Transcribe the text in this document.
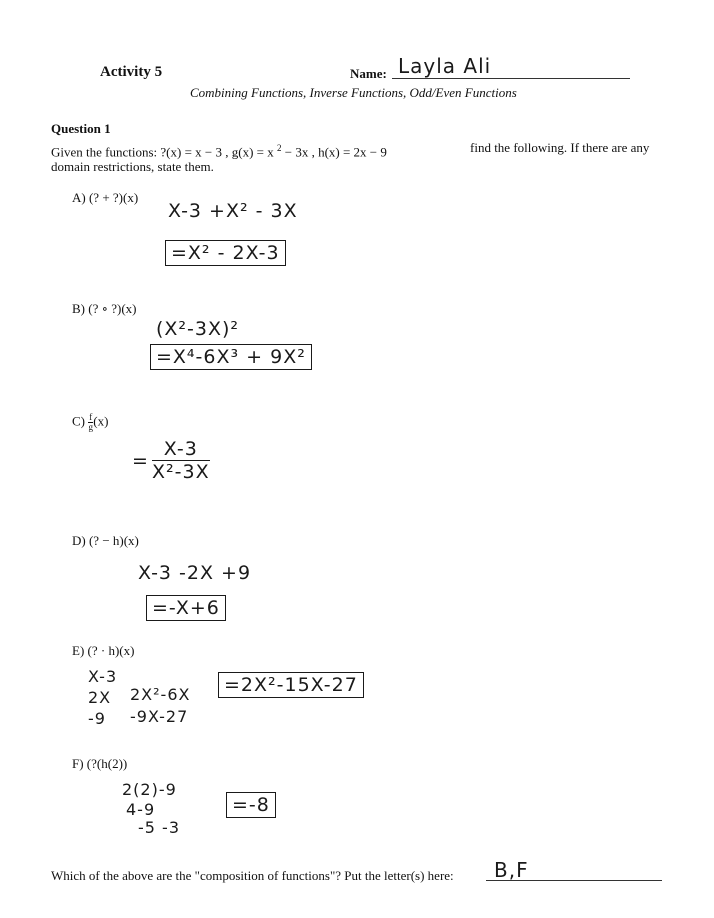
Activity 5	Name: Layla Ali
Combining Functions, Inverse Functions, Odd/Even Functions
Question 1
Given the functions: ?(x) = x − 3 , g(x) = x $^2$ − 3x , h(x) = 2x − 9	find the following. If there are any
domain restrictions, state them.
A) (? + ?)(x)
X-3 +X² - 3X
=X² - 2X-3
B) (? ∘ ?)(x)
(X²-3X)²
=X⁴-6X³ + 9X²
$C) \frac{f}{g} (x)$
= $\frac{X-3}{\text{X²-3X}}$
D) (? − h)(x)
X-3 -2X +9
=-X+6
E) (? · h)(x)
X-3
2X
-9
2X²-6X
-9X-27
=2X²-15X-27
F) (?(h(2))
2(2)-9
4-9
-5 -3
=-8
Which of the above are the "composition of functions"? Put the letter(s) here: B,F
